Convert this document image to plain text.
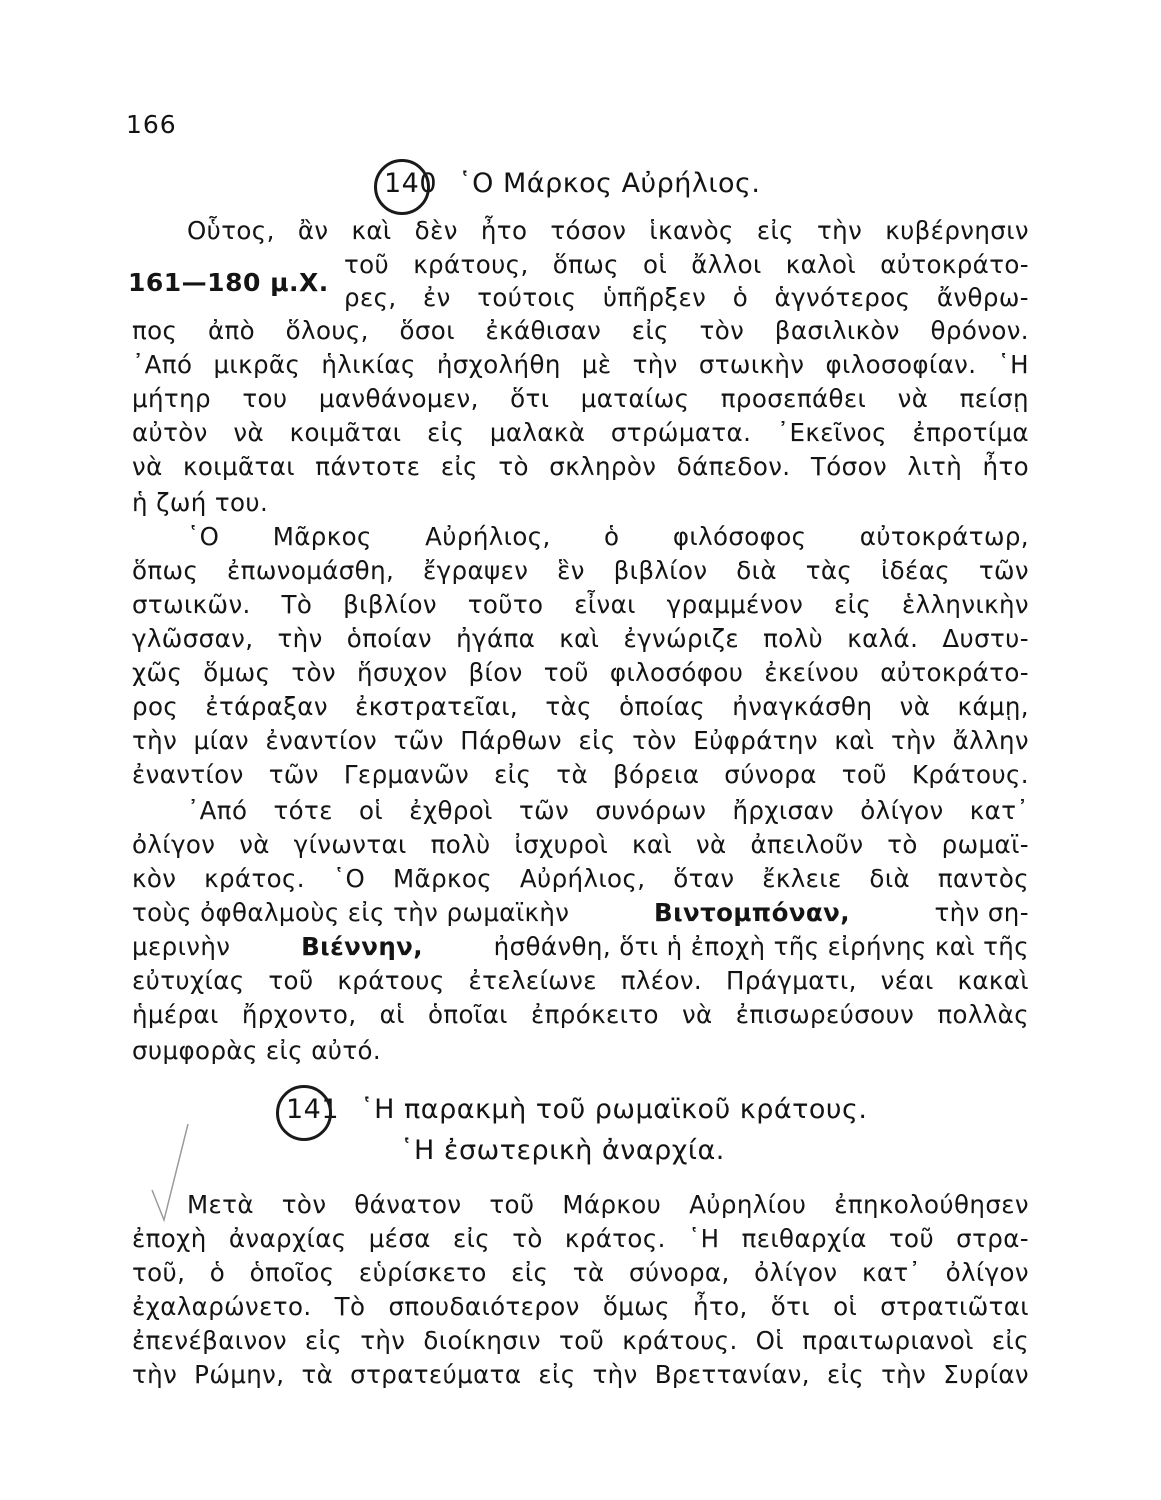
166
140 ῾Ο Μάρκος Αὐρήλιος.
161—180 μ.Χ.
Οὗτος, ἂν καὶ δὲν ἦτο τόσον ἱκανὸς εἰς τὴν κυβέρνησιν
τοῦ κράτους, ὅπως οἱ ἄλλοι καλοὶ αὐτοκράτο-
ρες, ἐν τούτοις ὑπῆρξεν ὁ ἁγνότερος ἄνθρω-
πος ἀπὸ ὅλους, ὅσοι ἐκάθισαν εἰς τὸν βασιλικὸν θρόνον.
᾿Από μικρᾶς ἡλικίας ἠσχολήθη μὲ τὴν στωικὴν φιλοσοφίαν. ῾Η
μήτηρ του μανθάνομεν, ὅτι ματαίως προσεπάθει νὰ πείσῃ
αὐτὸν νὰ κοιμᾶται εἰς μαλακὰ στρώματα. ᾿Εκεῖνος ἐπροτίμα
νὰ κοιμᾶται πάντοτε εἰς τὸ σκληρὸν δάπεδον. Τόσον λιτὴ ἦτο
ἡ ζωή του.
῾Ο Μᾶρκος Αὐρήλιος, ὁ φιλόσοφος αὐτοκράτωρ,
ὅπως ἐπωνομάσθη, ἔγραψεν ἓν βιβλίον διὰ τὰς ἰδέας τῶν
στωικῶν. Τὸ βιβλίον τοῦτο εἶναι γραμμένον εἰς ἑλληνικὴν
γλῶσσαν, τὴν ὁποίαν ἠγάπα καὶ ἐγνώριζε πολὺ καλά. Δυστυ-
χῶς ὅμως τὸν ἥσυχον βίον τοῦ φιλοσόφου ἐκείνου αὐτοκράτο-
ρος ἐτάραξαν ἐκστρατεῖαι, τὰς ὁποίας ἠναγκάσθη νὰ κάμῃ,
τὴν μίαν ἐναντίον τῶν Πάρθων εἰς τὸν Εὐφράτην καὶ τὴν ἄλλην
ἐναντίον τῶν Γερμανῶν εἰς τὰ βόρεια σύνορα τοῦ Κράτους.
᾿Από τότε οἱ ἐχθροὶ τῶν συνόρων ἤρχισαν ὀλίγον κατ᾿
ὀλίγον νὰ γίνωνται πολὺ ἰσχυροὶ καὶ νὰ ἀπειλοῦν τὸ ρωμαϊ-
κὸν κράτος. ῾Ο Μᾶρκος Αὐρήλιος, ὅταν ἔκλειε διὰ παντὸς
τοὺς ὀφθαλμοὺς εἰς τὴν ρωμαϊκὴν	Βιντομπόναν,	τὴν ση-
μερινὴν	Βιέννην,	ἠσθάνθη, ὅτι ἡ ἐποχὴ τῆς εἰρήνης καὶ τῆς
εὐτυχίας τοῦ κράτους ἐτελείωνε πλέον. Πράγματι, νέαι κακαὶ
ἡμέραι ἤρχοντο, αἱ ὁποῖαι ἐπρόκειτο νὰ ἐπισωρεύσουν πολλὰς
συμφορὰς εἰς αὐτό.
141 ῾Η παρακμὴ τοῦ ρωμαϊκοῦ κράτους.
῾Η ἐσωτερικὴ ἀναρχία.
Μετὰ τὸν θάνατον τοῦ Μάρκου Αὐρηλίου ἐπηκολούθησεν
ἐποχὴ ἀναρχίας μέσα εἰς τὸ κράτος. ῾Η πειθαρχία τοῦ στρα-
τοῦ, ὁ ὁποῖος εὑρίσκετο εἰς τὰ σύνορα, ὀλίγον κατ᾿ ὀλίγον
ἐχαλαρώνετο. Τὸ σπουδαιότερον ὅμως ἦτο, ὅτι οἱ στρατιῶται
ἐπενέβαινον εἰς τὴν διοίκησιν τοῦ κράτους. Οἱ πραιτωριανοὶ εἰς
τὴν Ρώμην, τὰ στρατεύματα εἰς τὴν Βρεττανίαν, εἰς τὴν Συρίαν
